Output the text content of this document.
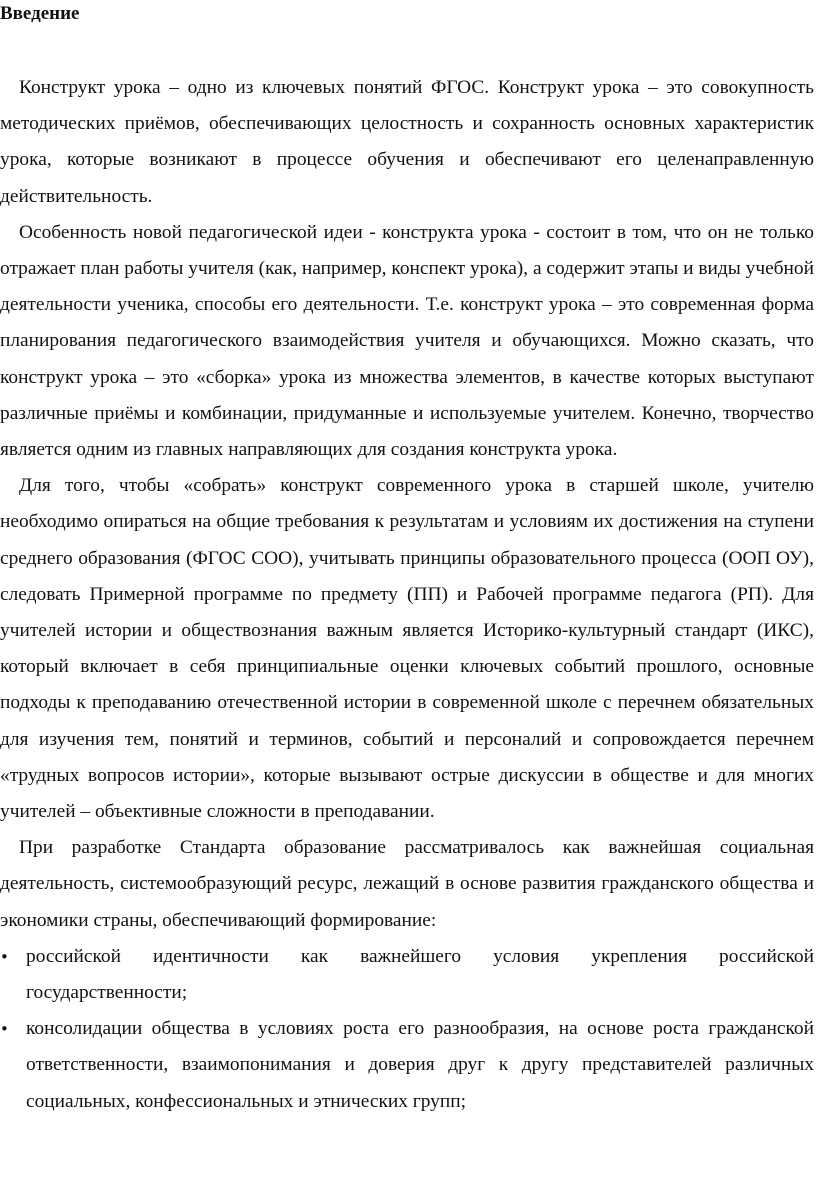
Введение

Конструкт урока – одно из ключевых понятий ФГОС. Конструкт урока – это совокупность методических приёмов, обеспечивающих целостность и сохранность основных характеристик урока, которые возникают в процессе обучения и обеспечивают его целенаправленную действительность.

Особенность новой педагогической идеи - конструкта урока - состоит в том, что он не только отражает план работы учителя (как, например, конспект урока), а содержит этапы и виды учебной деятельности ученика, способы его деятельности. Т.е. конструкт урока – это современная форма планирования педагогического взаимодействия учителя и обучающихся. Можно сказать, что конструкт урока – это «сборка» урока из множества элементов, в качестве которых выступают различные приёмы и комбинации, придуманные и используемые учителем. Конечно, творчество является одним из главных направляющих для создания конструкта урока.

Для того, чтобы «собрать» конструкт современного урока в старшей школе, учителю необходимо опираться на общие требования к результатам и условиям их достижения на ступени среднего образования (ФГОС СОО), учитывать принципы образовательного процесса (ООП ОУ), следовать Примерной программе по предмету (ПП) и Рабочей программе педагога (РП). Для учителей истории и обществознания важным является Историко-культурный стандарт (ИКС), который включает в себя принципиальные оценки ключевых событий прошлого, основные подходы к преподаванию отечественной истории в современной школе с перечнем обязательных для изучения тем, понятий и терминов, событий и персоналий и сопровождается перечнем «трудных вопросов истории», которые вызывают острые дискуссии в обществе и для многих учителей – объективные сложности в преподавании.

При разработке Стандарта образование рассматривалось как важнейшая социальная деятельность, системообразующий ресурс, лежащий в основе развития гражданского общества и экономики страны, обеспечивающий формирование:

• российской идентичности как важнейшего условия укрепления российской государственности;
• консолидации общества в условиях роста его разнообразия, на основе роста гражданской ответственности, взаимопонимания и доверия друг к другу представителей различных социальных, конфессиональных и этнических групп;
